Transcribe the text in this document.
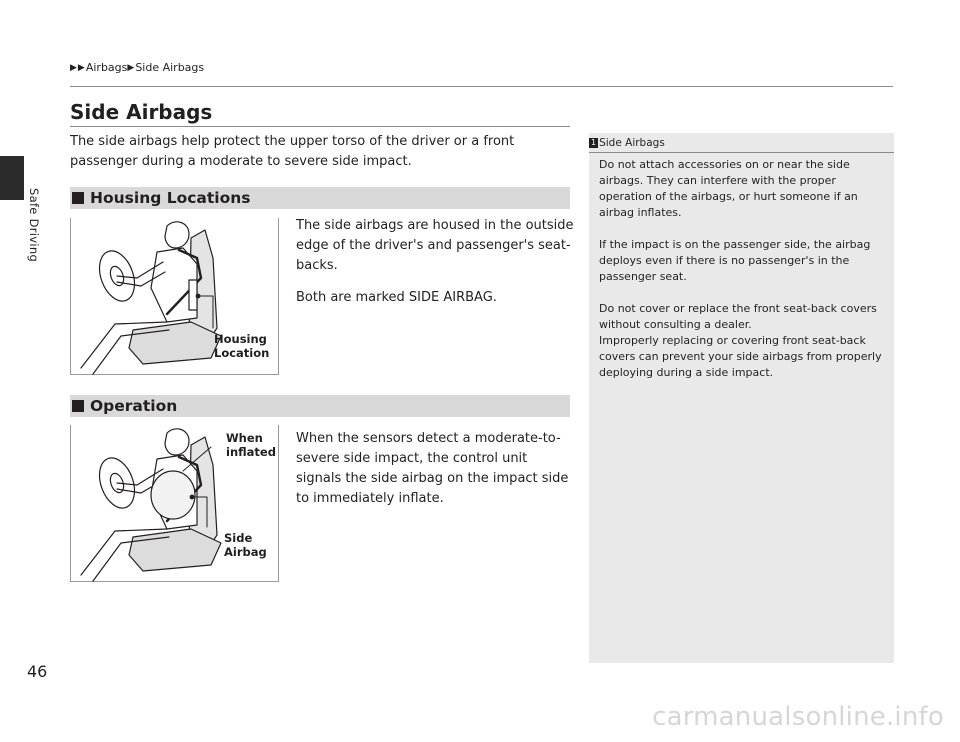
Safe Driving
▶ ▶ Airbags ▶ Side Airbags
Side Airbags

The side airbags help protect the upper torso of the driver or a front passenger during a moderate to severe side impact.

Housing Locations
Housing
Location

The side airbags are housed in the outside edge of the driver's and passenger's seat-backs.

Both are marked SIDE AIRBAG.

Operation
When
inflated
Side
Airbag

When the sensors detect a moderate-to-severe side impact, the control unit signals the side airbag on the impact side to immediately inflate.

1 Side Airbags

Do not attach accessories on or near the side airbags. They can interfere with the proper operation of the airbags, or hurt someone if an airbag inflates.

If the impact is on the passenger side, the airbag deploys even if there is no passenger's in the passenger seat.

Do not cover or replace the front seat-back covers without consulting a dealer.

Improperly replacing or covering front seat-back covers can prevent your side airbags from properly deploying during a side impact.

46
carmanualsonline.info
